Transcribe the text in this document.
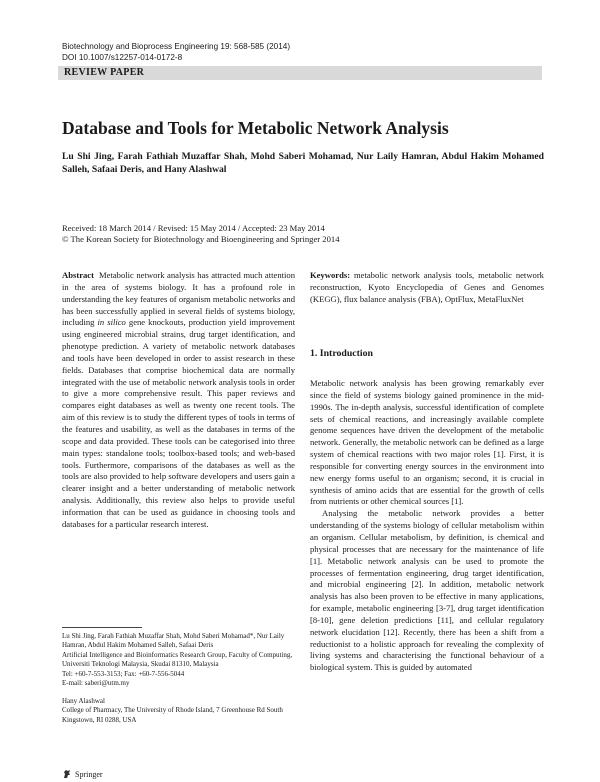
Biotechnology and Bioprocess Engineering 19: 568-585 (2014)
DOI 10.1007/s12257-014-0172-8
REVIEW PAPER
Database and Tools for Metabolic Network Analysis
Lu Shi Jing, Farah Fathiah Muzaffar Shah, Mohd Saberi Mohamad, Nur Laily Hamran, Abdul Hakim Mohamed
Salleh, Safaai Deris, and Hany Alashwal
Received: 18 March 2014 / Revised: 15 May 2014 / Accepted: 23 May 2014
© The Korean Society for Biotechnology and Bioengineering and Springer 2014

Abstract Metabolic network analysis has attracted much attention in the area of systems biology. It has a profound role in understanding the key features of organism metabolic networks and has been successfully applied in several fields of systems biology, including in silico gene knockouts, production yield improvement using engineered microbial strains, drug target identification, and phenotype prediction. A variety of metabolic network databases and tools have been developed in order to assist research in these fields. Databases that comprise biochemical data are normally integrated with the use of metabolic network analysis tools in order to give a more comprehensive result. This paper reviews and compares eight databases as well as twenty one recent tools. The aim of this review is to study the different types of tools in terms of the features and usability, as well as the databases in terms of the scope and data provided. These tools can be categorised into three main types: standalone tools; toolbox-based tools; and web-based tools. Furthermore, comparisons of the databases as well as the tools are also provided to help software developers and users gain a clearer insight and a better understanding of metabolic network analysis. Additionally, this review also helps to provide useful information that can be used as guidance in choosing tools and databases for a particular research interest.

Keywords: metabolic network analysis tools, metabolic network reconstruction, Kyoto Encyclopedia of Genes and Genomes (KEGG), flux balance analysis (FBA), OptFlux, MetaFluxNet

1. Introduction

Metabolic network analysis has been growing remarkably ever since the field of systems biology gained prominence in the mid-1990s. The in-depth analysis, successful identification of complete sets of chemical reactions, and increasingly available complete genome sequences have driven the development of the metabolic network. Generally, the metabolic network can be defined as a large system of chemical reactions with two major roles [1]. First, it is responsible for converting energy sources in the environment into new energy forms useful to an organism; second, it is crucial in synthesis of amino acids that are essential for the growth of cells from nutrients or other chemical sources [1].

Analysing the metabolic network provides a better understanding of the systems biology of cellular metabolism within an organism. Cellular metabolism, by definition, is chemical and physical processes that are necessary for the maintenance of life [1]. Metabolic network analysis can be used to promote the processes of fermentation engineering, drug target identification, and microbial engineering [2]. In addition, metabolic network analysis has also been proven to be effective in many applications, for example, metabolic engineering [3-7], drug target identification [8-10], gene deletion predictions [11], and cellular regulatory network elucidation [12]. Recently, there has been a shift from a reductionist to a holistic approach for revealing the complexity of living systems and characterising the functional behaviour of a biological system. This is guided by automated

Lu Shi Jing, Farah Fathiah Muzaffar Shah, Mohd Saberi Mohamad*, Nur Laily Hamran, Abdul Hakim Mohamed Salleh, Safaai Deris
Artificial Intelligence and Bioinformatics Research Group, Faculty of Computing, Universiti Teknologi Malaysia, Skudai 81310, Malaysia
Tel: +60-7-553-3153; Fax: +60-7-556-5044
E-mail: saberi@utm.my
Hany Alashwal
College of Pharmacy, The University of Rhode Island, 7 Greenhouse Rd South Kingstown, RI 0288, USA
Springer
